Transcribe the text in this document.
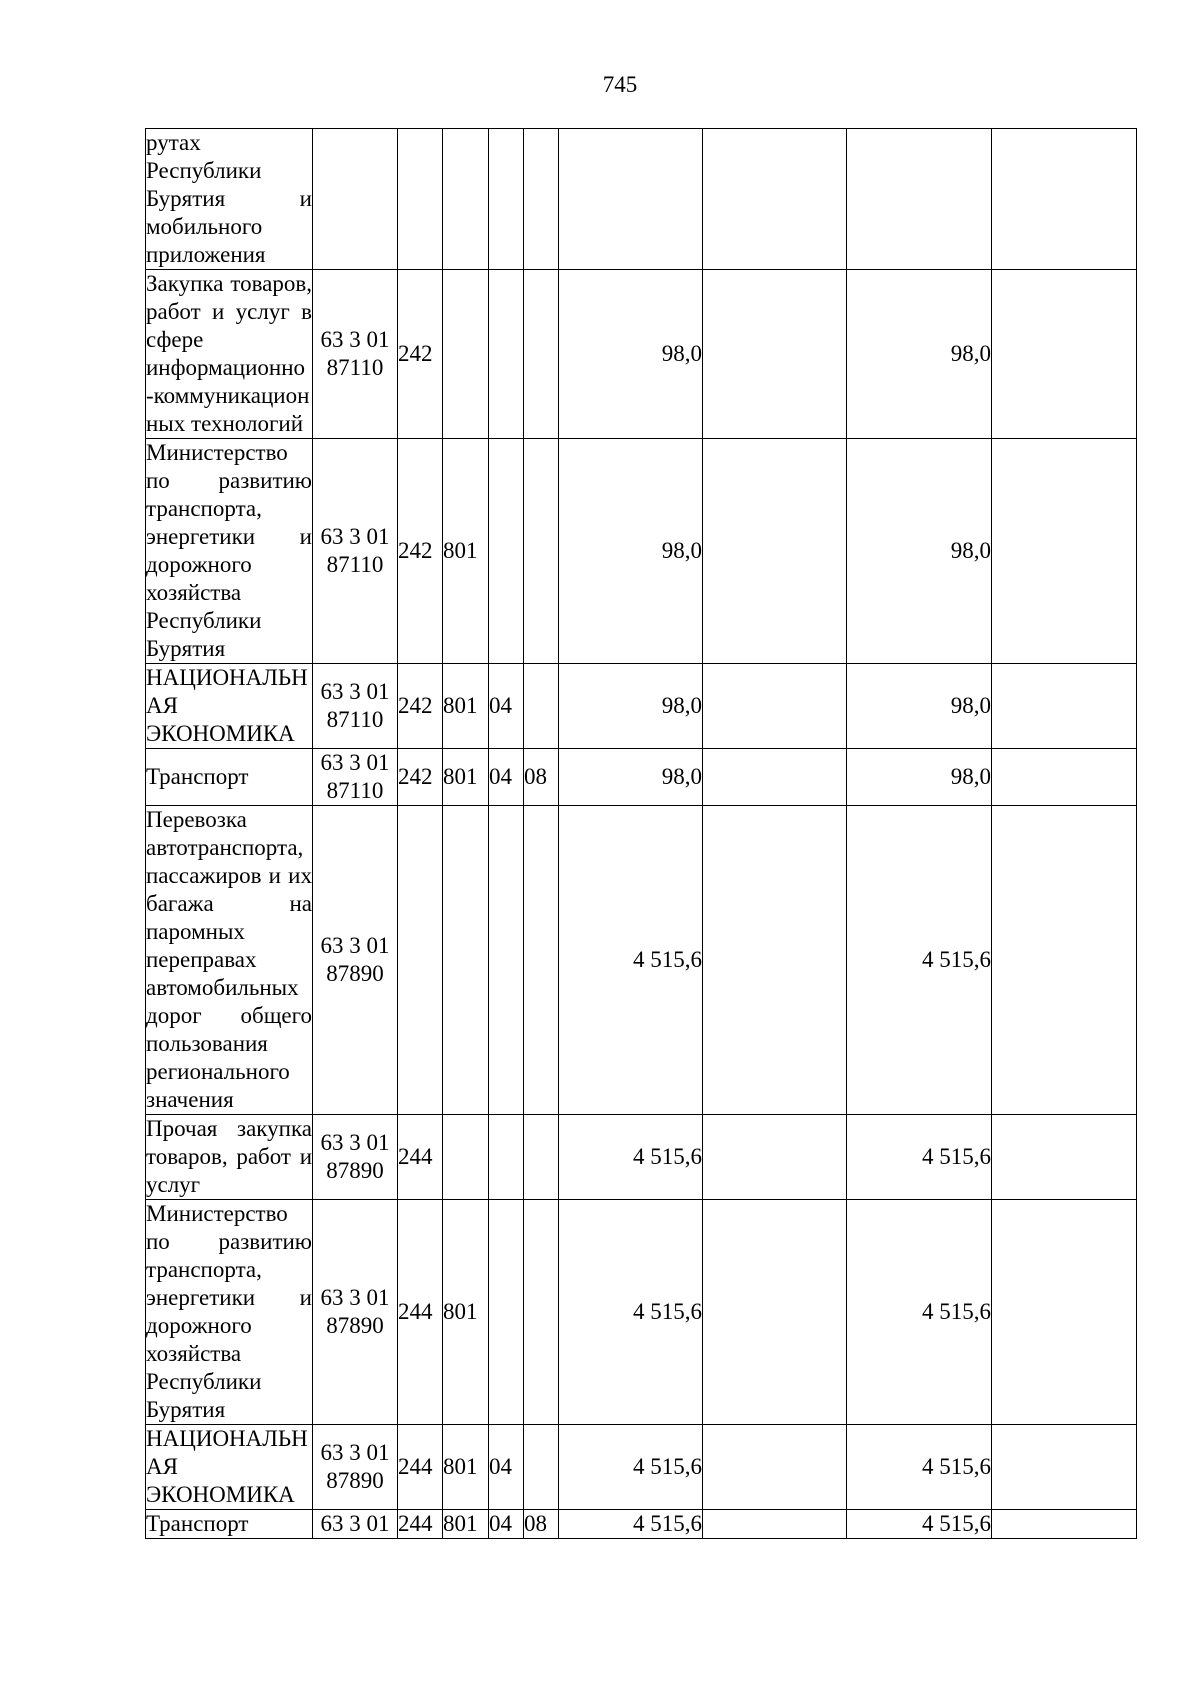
745
рутах Республики Бурятия и мобильного приложения									
Закупка товаров, работ и услуг в сфере информационно-коммуникационных технологий	63 3 01 87110	242				98,0		98,0	
Министерство по развитию транспорта, энергетики и дорожного хозяйства Республики Бурятия	63 3 01 87110	242	801			98,0		98,0	
НАЦИОНАЛЬНАЯ ЭКОНОМИКА	63 3 01 87110	242	801	04		98,0		98,0	
Транспорт	63 3 01 87110	242	801	04	08	98,0		98,0	
Перевозка автотранспорта, пассажиров и их багажа на паромных переправах автомобильных дорог общего пользования регионального значения	63 3 01 87890					4 515,6		4 515,6	
Прочая закупка товаров, работ и услуг	63 3 01 87890	244				4 515,6		4 515,6	
Министерство по развитию транспорта, энергетики и дорожного хозяйства Республики Бурятия	63 3 01 87890	244	801			4 515,6		4 515,6	
НАЦИОНАЛЬНАЯ ЭКОНОМИКА	63 3 01 87890	244	801	04		4 515,6		4 515,6	
Транспорт	63 3 01	244	801	04	08	4 515,6		4 515,6	
